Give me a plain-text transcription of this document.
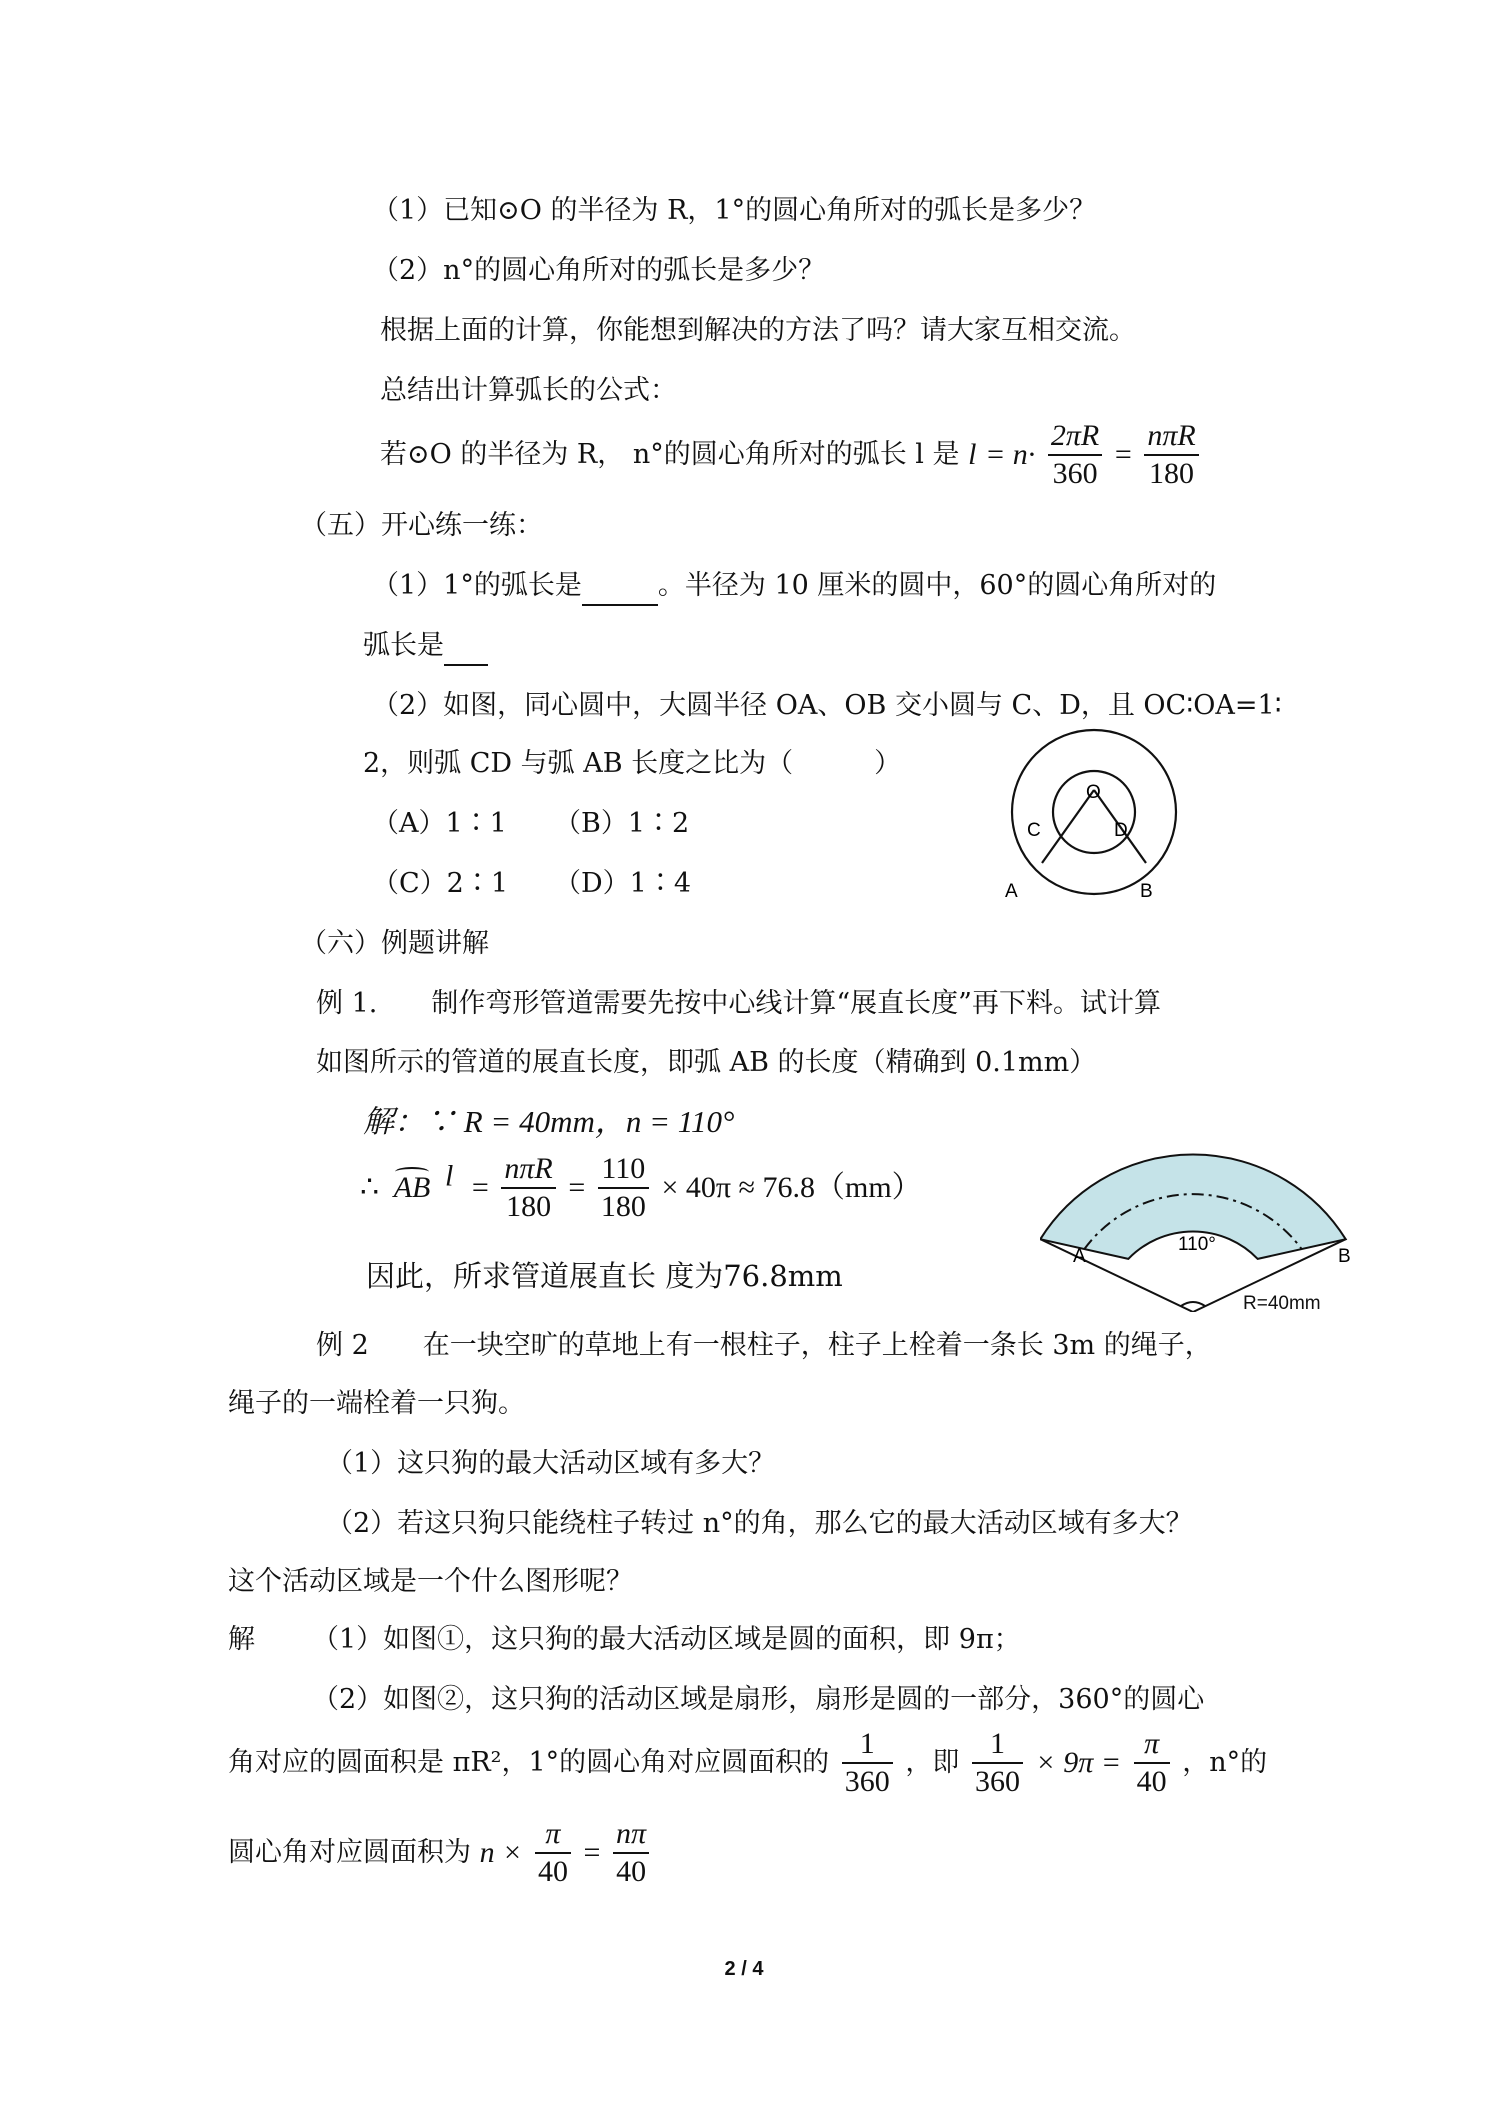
（1）已知⊙O 的半径为 R，1°的圆心角所对的弧长是多少？
（2）n°的圆心角所对的弧长是多少？
根据上面的计算，你能想到解决的方法了吗？请大家互相交流。
总结出计算弧长的公式：
若⊙O 的半径为 R， n°的圆心角所对的弧长 l 是 $l = n\cdot \frac{2\pi R}{360} = \frac{\text{nπR}}{180}$
（五）开心练一练：
（1）1°的弧长是	。半径为 10 厘米的圆中，60°的圆心角所对的
弧长是
（2）如图，同心圆中，大圆半径 OA、OB 交小圆与 C、D，且 OC∶OA=1∶
2，则弧 CD 与弧 AB 长度之比为（　　　）
（A）1∶1 （B）1∶2
（C）2∶1 （D）1∶4
O
C	D
A	B
（六）例题讲解
例 1.　　制作弯形管道需要先按中心线计算“展直长度”再下料。试计算
如图所示的管道的展直长度，即弧 AB 的长度（精确到 0.1mm）
解：∵ R = 40mm，n = 110°
∴ AB $l = \frac{\text{nπR}}{180} = \frac{110}{180} \times 40\pi \approx 76.8(mm)$
因此，所求管道展直长 度为76.8mm
A	B
110°
R=40mm
例 2　　在一块空旷的草地上有一根柱子，柱子上栓着一条长 3m 的绳子，
绳子的一端栓着一只狗。
（1）这只狗的最大活动区域有多大？
（2）若这只狗只能绕柱子转过 n°的角，那么它的最大活动区域有多大？
这个活动区域是一个什么图形呢？
解 （1）如图①，这只狗的最大活动区域是圆的面积，即 9π；
（2）如图②，这只狗的活动区域是扇形，扇形是圆的一部分，360°的圆心
角对应的圆面积是 πR²，1°的圆心角对应圆面积的 $\frac{1}{360}$ ，即 $\frac{1}{360} \times 9\pi = \frac{\pi}{40}$ ，n°的
圆心角对应圆面积为 $n \times \frac{\pi}{40} = \frac{n\pi}{40}$
2 / 4
